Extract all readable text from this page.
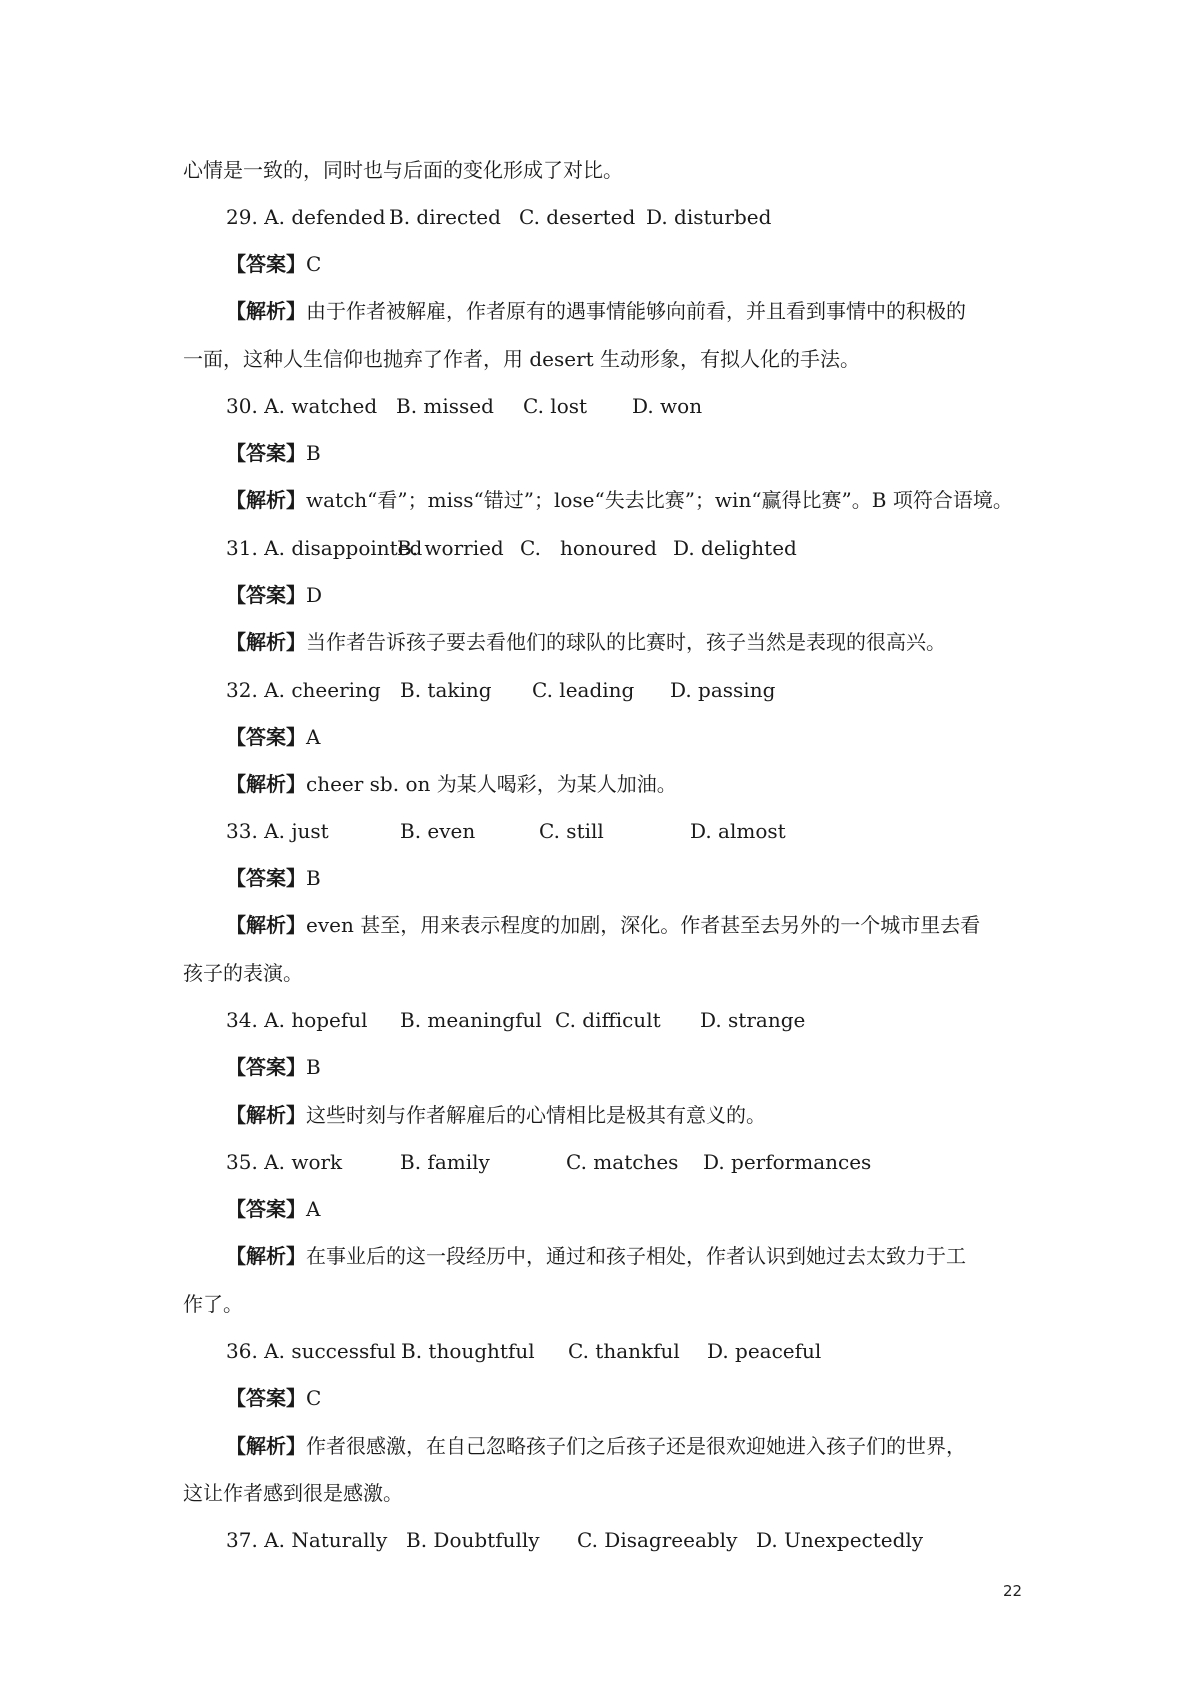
心情是一致的，同时也与后面的变化形成了对比。
29. A. defended B. directed C. deserted D. disturbed
【答案】C
【解析】由于作者被解雇，作者原有的遇事情能够向前看，并且看到事情中的积极的
一面，这种人生信仰也抛弃了作者，用 desert 生动形象，有拟人化的手法。
30. A. watched B. missed C. lost D. won
【答案】B
【解析】watch“看”；miss“错过”；lose“失去比赛”；win“赢得比赛”。B 项符合语境。
31. A. disappointed
B. worried C. honoured D. delighted
【答案】D
【解析】当作者告诉孩子要去看他们的球队的比赛时，孩子当然是表现的很高兴。
32. A. cheering B. taking C. leading D. passing
【答案】A
【解析】cheer sb. on 为某人喝彩，为某人加油。
33. A. just	B. even	C. still	D. almost
【答案】B
【解析】even 甚至，用来表示程度的加剧，深化。作者甚至去另外的一个城市里去看
孩子的表演。
34. A. hopeful B. meaningful C. difficult D. strange
【答案】B
【解析】这些时刻与作者解雇后的心情相比是极其有意义的。
35. A. work	B. family	C. matches D. performances
【答案】A
【解析】在事业后的这一段经历中，通过和孩子相处，作者认识到她过去太致力于工
作了。
36. A. successful B. thoughtful C. thankful D. peaceful
【答案】C
【解析】作者很感激，在自己忽略孩子们之后孩子还是很欢迎她进入孩子们的世界，
这让作者感到很是感激。
37. A. Naturally B. Doubtfully C. Disagreeably D. Unexpectedly
22
